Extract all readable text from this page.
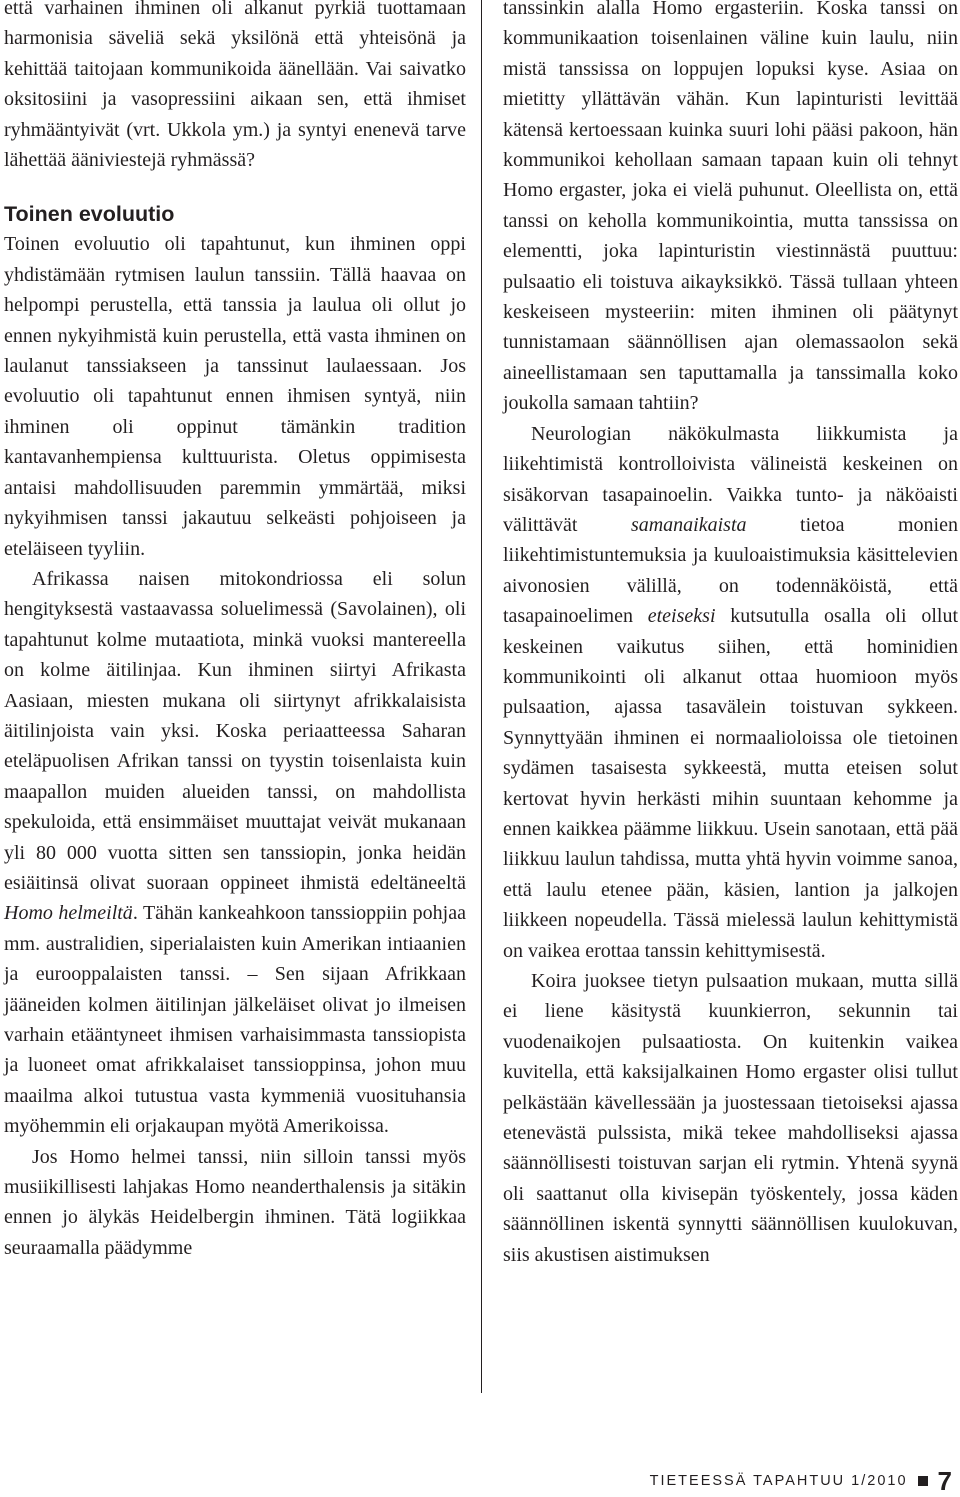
että varhainen ihminen oli alkanut pyrkiä tuottamaan harmonisia säveliä sekä yksilönä että yhteisönä ja kehittää taitojaan kommunikoida äänellään. Vai saivatko oksitosiini ja vasopressiini aikaan sen, että ihmiset ryhmääntyivät (vrt. Ukkola ym.) ja syntyi enenevä tarve lähettää ääniviestejä ryhmässä?

Toinen evoluutio

Toinen evoluutio oli tapahtunut, kun ihminen oppi yhdistämään rytmisen laulun tanssiin. Tällä haavaa on helpompi perustella, että tanssia ja laulua oli ollut jo ennen nykyihmistä kuin perustella, että vasta ihminen on laulanut tanssiakseen ja tanssinut laulaessaan. Jos evoluutio oli tapahtunut ennen ihmisen syntyä, niin ihminen oli oppinut tämänkin tradition kantavanhempiensa kulttuurista. Oletus oppimisesta antaisi mahdollisuuden paremmin ymmärtää, miksi nykyihmisen tanssi jakautuu selkeästi pohjoiseen ja eteläiseen tyyliin.

Afrikassa naisen mitokondriossa eli solun hengityksestä vastaavassa soluelimessä (Savolainen), oli tapahtunut kolme mutaatiota, minkä vuoksi mantereella on kolme äitilinjaa. Kun ihminen siirtyi Afrikasta Aasiaan, miesten mukana oli siirtynyt afrikkalaisista äitilinjoista vain yksi. Koska periaatteessa Saharan eteläpuolisen Afrikan tanssi on tyystin toisenlaista kuin maapallon muiden alueiden tanssi, on mahdollista spekuloida, että ensimmäiset muuttajat veivät mukanaan yli 80 000 vuotta sitten sen tanssiopin, jonka heidän esiäitinsä olivat suoraan oppineet ihmistä edeltäneeltä Homo helmeiltä. Tähän kankeahkoon tanssioppiin pohjaa mm. australidien, siperialaisten kuin Amerikan intiaanien ja eurooppalaisten tanssi. – Sen sijaan Afrikkaan jääneiden kolmen äitilinjan jälkeläiset olivat jo ilmeisen varhain etääntyneet ihmisen varhaisimmasta tanssiopista ja luoneet omat afrikkalaiset tanssioppinsa, johon muu maailma alkoi tutustua vasta kymmeniä vuosituhansia myöhemmin eli orjakaupan myötä Amerikoissa.

Jos Homo helmei tanssi, niin silloin tanssi myös musiikillisesti lahjakas Homo neanderthalensis ja sitäkin ennen jo älykäs Heidelbergin ihminen. Tätä logiikkaa seuraamalla päädymme

tanssinkin alalla Homo ergasteriin. Koska tanssi on kommunikaation toisenlainen väline kuin laulu, niin mistä tanssissa on loppujen lopuksi kyse. Asiaa on mietitty yllättävän vähän. Kun lapinturisti levittää kätensä kertoessaan kuinka suuri lohi pääsi pakoon, hän kommunikoi kehollaan samaan tapaan kuin oli tehnyt Homo ergaster, joka ei vielä puhunut. Oleellista on, että tanssi on keholla kommunikointia, mutta tanssissa on elementti, joka lapinturistin viestinnästä puuttuu: pulsaatio eli toistuva aikayksikkö. Tässä tullaan yhteen keskeiseen mysteeriin: miten ihminen oli päätynyt tunnistamaan säännöllisen ajan olemassaolon sekä aineellistamaan sen taputtamalla ja tanssimalla koko joukolla samaan tahtiin?

Neurologian näkökulmasta liikkumista ja liikehtimistä kontrolloivista välineistä keskeinen on sisäkorvan tasapainoelin. Vaikka tunto- ja näköaisti välittävät samanaikaista tietoa monien liikehtimistuntemuksia ja kuuloaistimuksia käsittelevien aivonosien välillä, on todennäköistä, että tasapainoelimen eteiseksi kutsutulla osalla oli ollut keskeinen vaikutus siihen, että hominidien kommunikointi oli alkanut ottaa huomioon myös pulsaation, ajassa tasavälein toistuvan sykkeen. Synnyttyään ihminen ei normaalioloissa ole tietoinen sydämen tasaisesta sykkeestä, mutta eteisen solut kertovat hyvin herkästi mihin suuntaan kehomme ja ennen kaikkea päämme liikkuu. Usein sanotaan, että pää liikkuu laulun tahdissa, mutta yhtä hyvin voimme sanoa, että laulu etenee pään, käsien, lantion ja jalkojen liikkeen nopeudella. Tässä mielessä laulun kehittymistä on vaikea erottaa tanssin kehittymisestä.

Koira juoksee tietyn pulsaation mukaan, mutta sillä ei liene käsitystä kuunkierron, sekunnin tai vuodenaikojen pulsaatiosta. On kuitenkin vaikea kuvitella, että kaksijalkainen Homo ergaster olisi tullut pelkästään kävellessään ja juostessaan tietoiseksi ajassa etenevästä pulssista, mikä tekee mahdolliseksi ajassa säännöllisesti toistuvan sarjan eli rytmin. Yhtenä syynä oli saattanut olla kivisepän työskentely, jossa käden säännöllinen iskentä synnytti säännöllisen kuulokuvan, siis akustisen aistimuksen

TIETEESSÄ TAPAHTUU 1/2010 7
